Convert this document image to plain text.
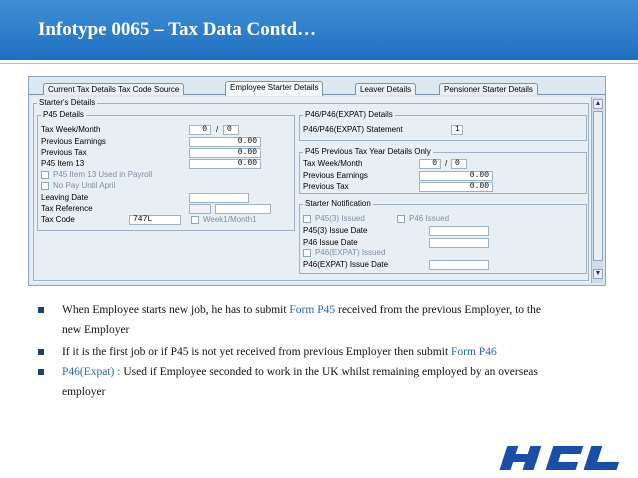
Infotype 0065 – Tax Data Contd…
Current Tax Details Tax Code Source	Employee Starter Details	Leaver Details	Pensioner Starter Details
Starter's Details
P45 Details
Tax Week/Month	0	/	0
Previous Earnings	0.00
Previous Tax	0.00
P45 Item 13	0.00
P45 Item 13 Used in Payroll
No Pay Until April
Leaving Date
Tax Reference
Tax Code	747L	Week1/Month1
P46/P46(EXPAT) Details
P46/P46(EXPAT) Statement	1
P45 Previous Tax Year Details Only
Tax Week/Month	0	/ 0
Previous Earnings	0.00
Previous Tax	0.00
Starter Notification
P45(3) Issued	P46 Issued
P45(3) Issue Date
P46 Issue Date
P46(EXPAT) Issued
P46(EXPAT) Issue Date
▲
▼
When Employee starts new job, he has to submit Form P45 received from the previous Employer, to the
new Employer
If it is the first job or if P45 is not yet received from previous Employer then submit Form P46
P46(Expat) : Used if Employee seconded to work in the UK whilst remaining employed by an overseas
employer
